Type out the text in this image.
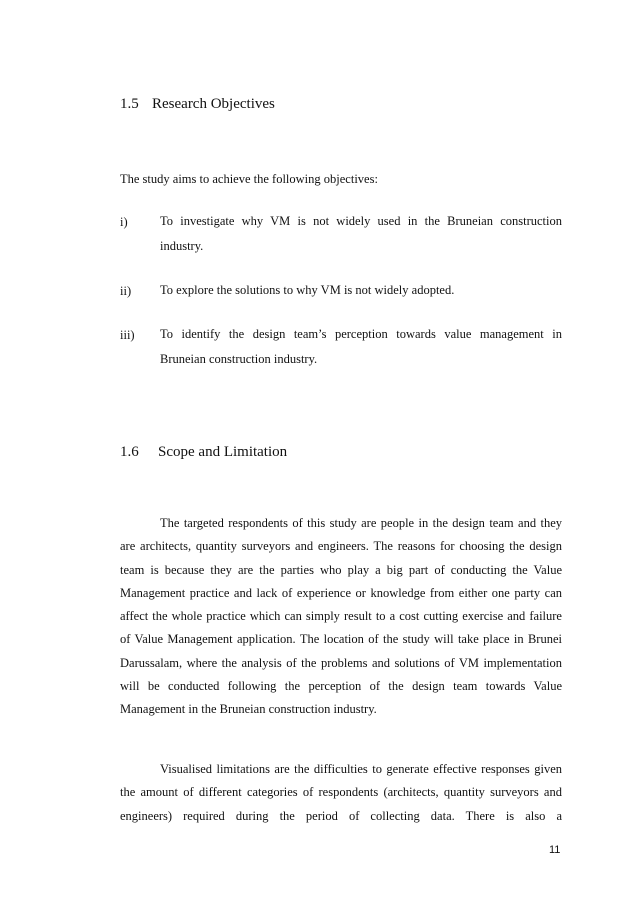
1.5 Research Objectives
The study aims to achieve the following objectives:
i)	To investigate why VM is not widely used in the Bruneian construction industry.
ii) To explore the solutions to why VM is not widely adopted.
iii) To identify the design team’s perception towards value management in Bruneian construction industry.
1.6 Scope and Limitation

The targeted respondents of this study are people in the design team and they are architects, quantity surveyors and engineers. The reasons for choosing the design team is because they are the parties who play a big part of conducting the Value Management practice and lack of experience or knowledge from either one party can affect the whole practice which can simply result to a cost cutting exercise and failure of Value Management application. The location of the study will take place in Brunei Darussalam, where the analysis of the problems and solutions of VM implementation will be conducted following the perception of the design team towards Value Management in the Bruneian construction industry.

Visualised limitations are the difficulties to generate effective responses given the amount of different categories of respondents (architects, quantity surveyors and engineers) required during the period of collecting data. There is also a

11
